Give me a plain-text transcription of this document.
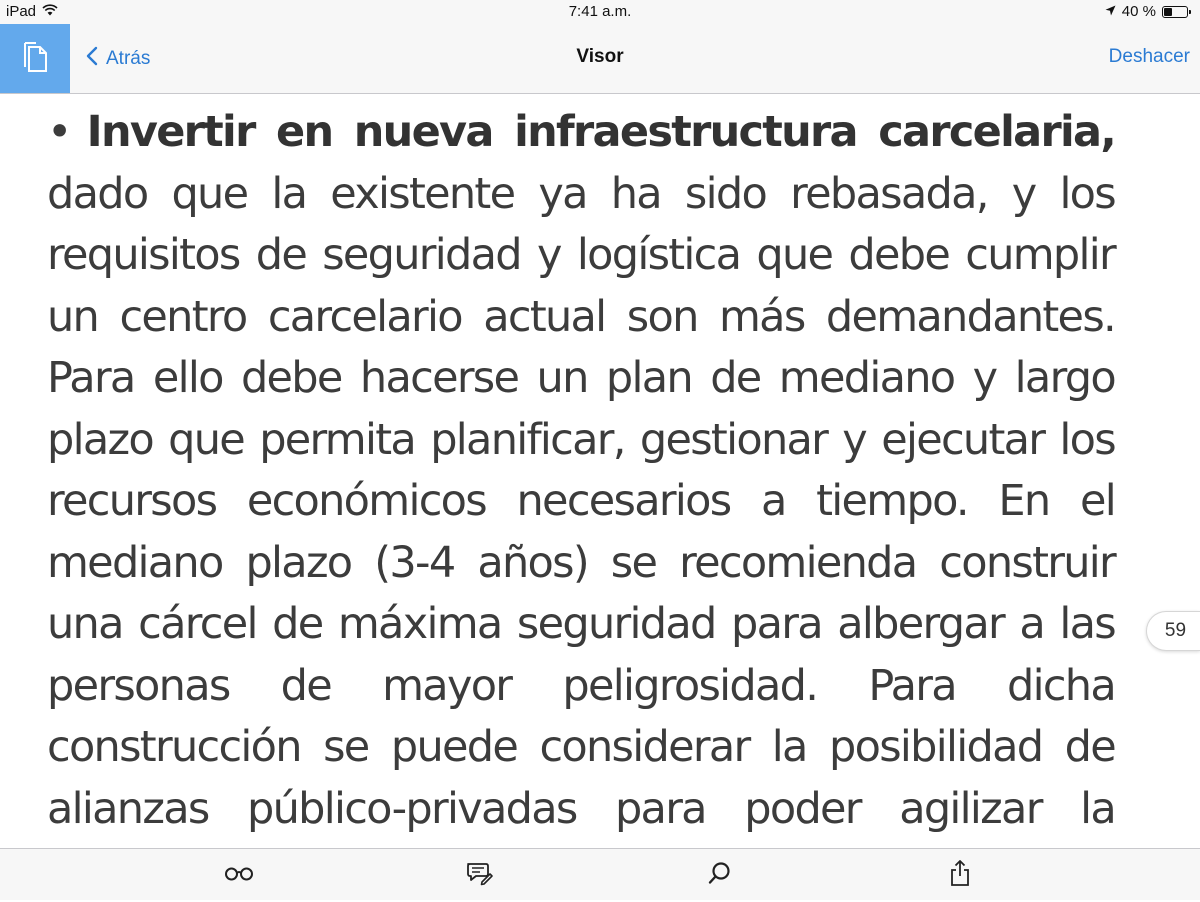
iPad	7:41 a.m.	40 %
Atrás	Visor	Deshacer

• Invertir en nueva infraestructura carcelaria, dado que la existente ya ha sido rebasada, y los requisitos de seguridad y logística que debe cumplir un centro carcelario actual son más demandantes. Para ello debe hacerse un plan de mediano y largo plazo que permita planificar, gestionar y ejecutar los recursos económicos necesarios a tiempo. En el mediano plazo (3-4 años) se recomienda construir una cárcel de máxima seguridad para albergar a las personas de mayor peligrosidad. Para dicha construcción se puede considerar la posibilidad de alianzas público-privadas para poder agilizar la

59
